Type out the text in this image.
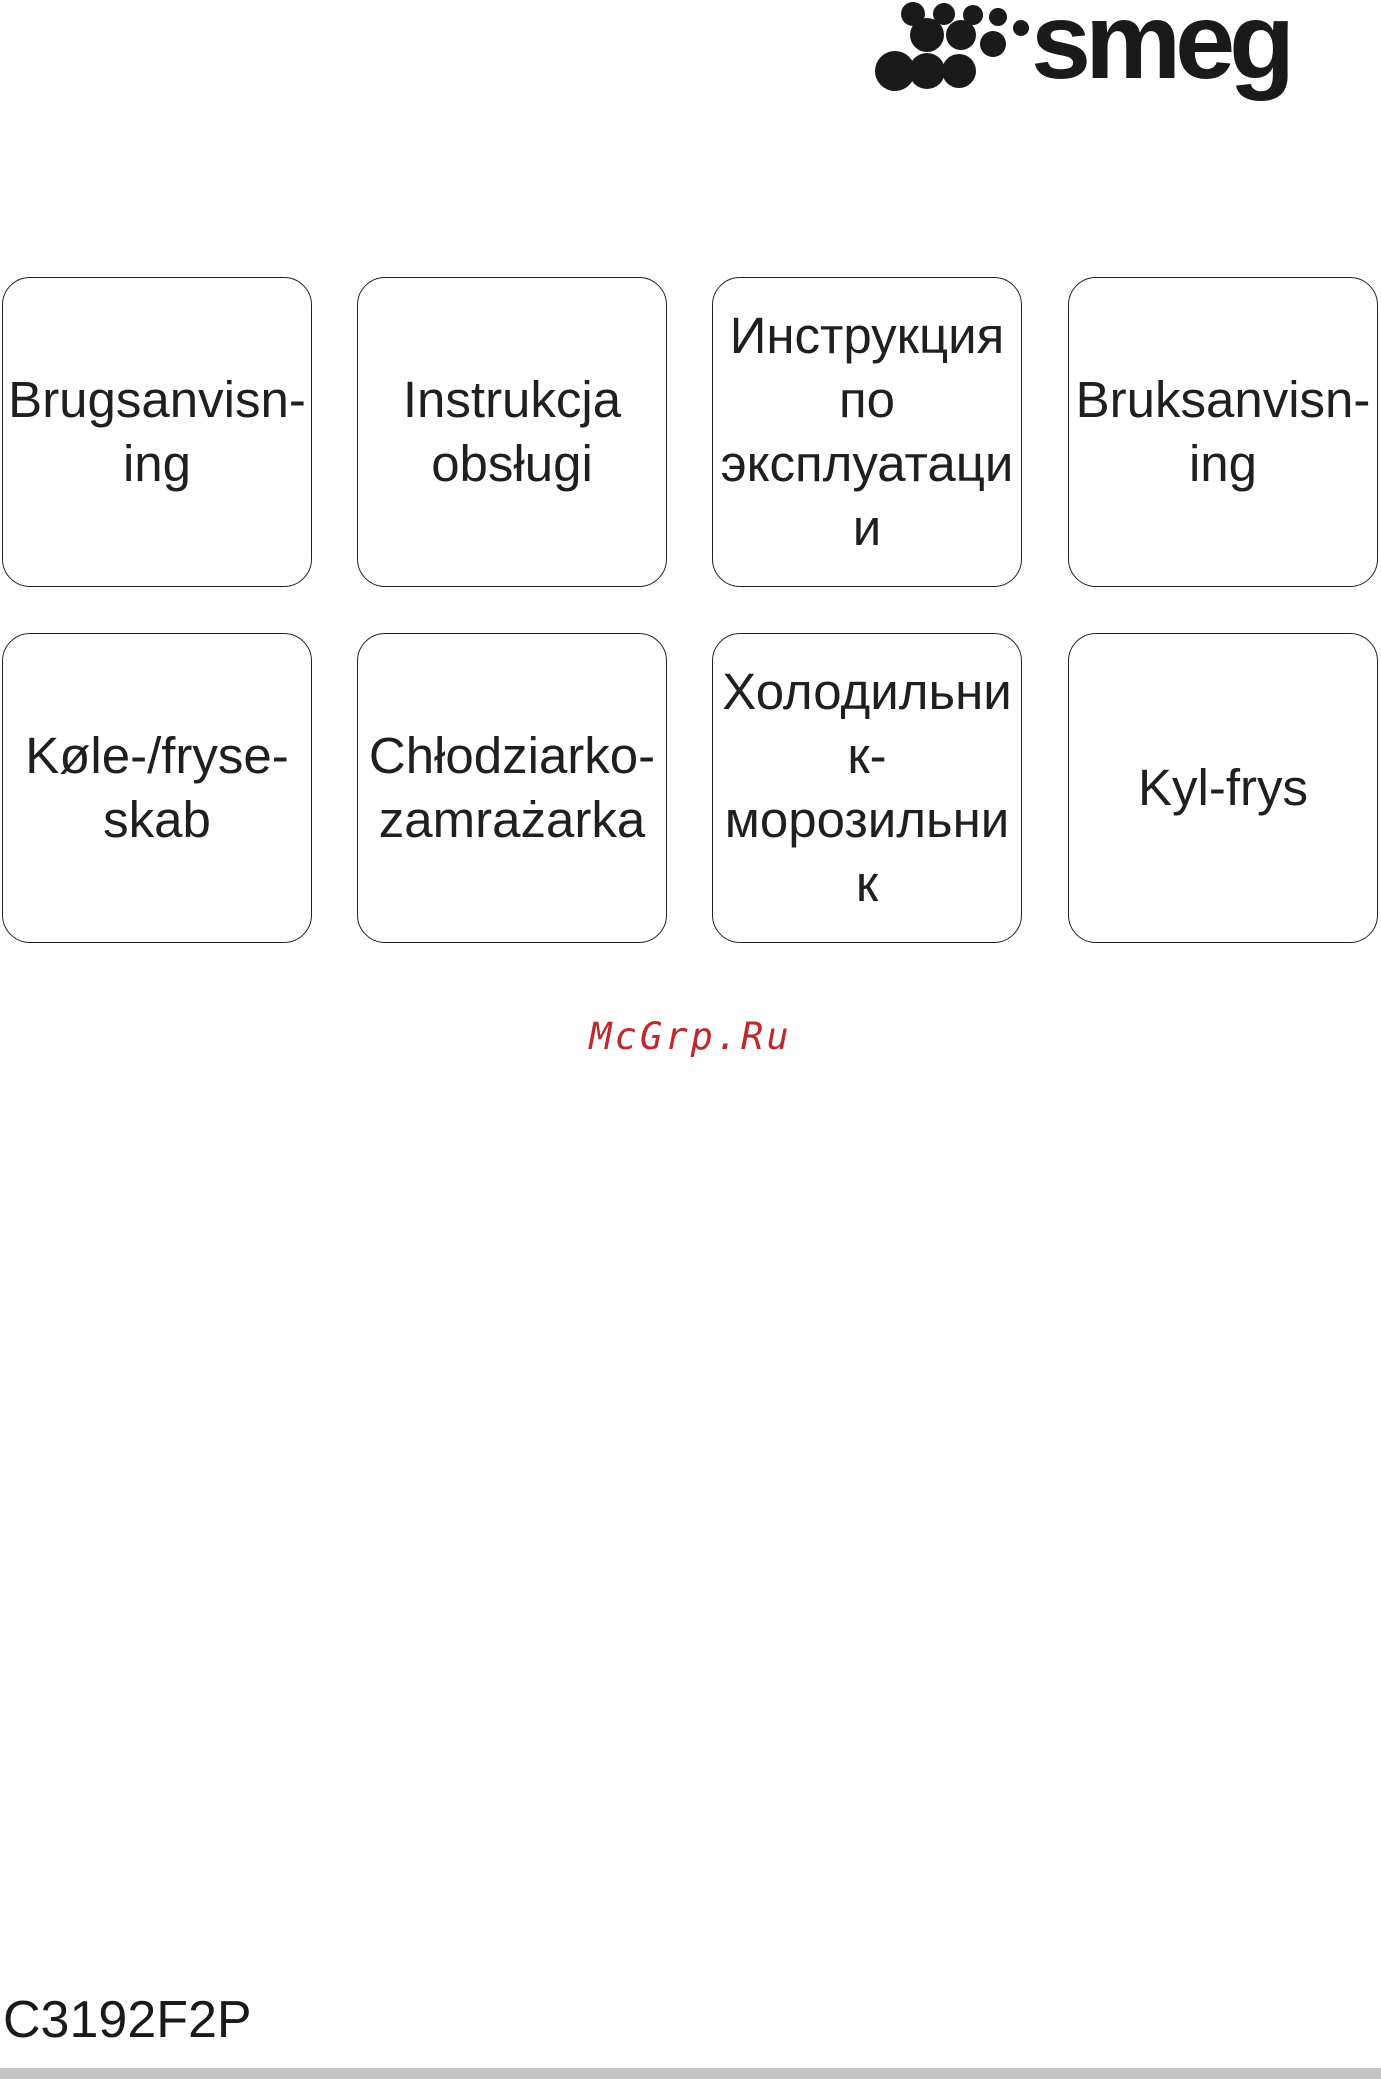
smeg
Brugsanvisn-
ing
Instrukcja
obsługi
Инструкция
по
эксплуатаци
и
Bruksanvisn-
ing
Køle-/fryse-
skab
Chłodziarko-
zamrażarka
Холодильни
к-
морозильни
к
Kyl-frys
McGrp.Ru
C3192F2P
